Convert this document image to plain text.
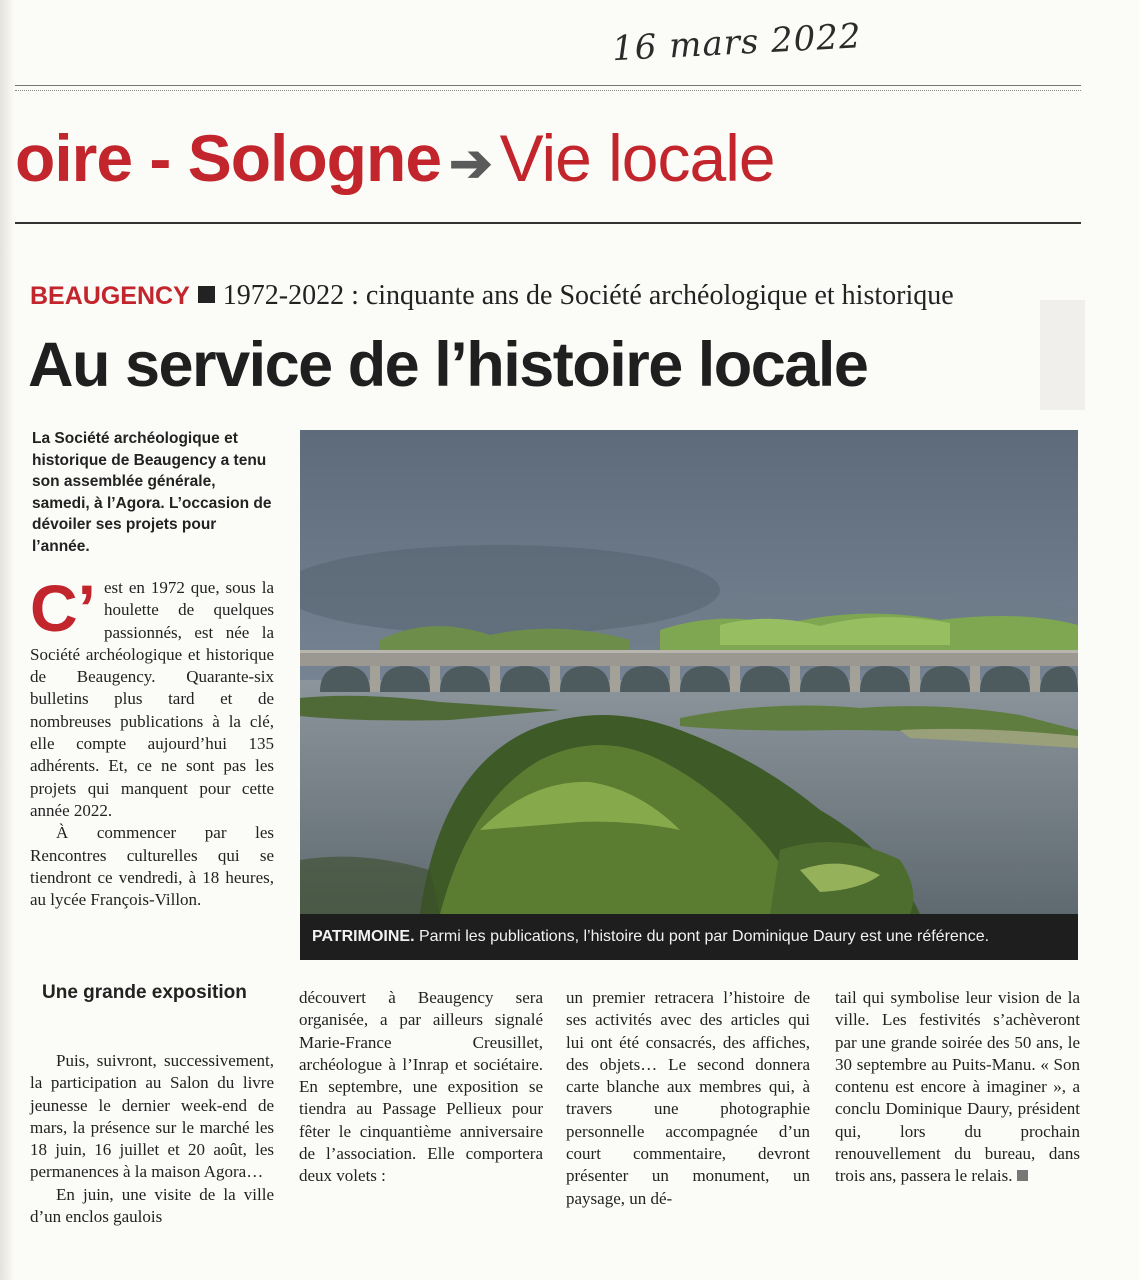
16 mars 2022
oire - Sologne ➔ Vie locale
BEAUGENCY 1972-2022 : cinquante ans de Société archéologique et historique
Au service de l’histoire locale
La Société archéologique et historique de Beaugency a tenu son assemblée générale, samedi, à l’Agora. L’occasion de dévoiler ses projets pour l’année.

C’ est en 1972 que, sous la houlette de quelques passionnés, est née la Société archéologique et historique de Beaugency. Quarante-six bulletins plus tard et de nombreuses publications à la clé, elle compte aujourd’hui 135 adhérents. Et, ce ne sont pas les projets qui manquent pour cette année 2022.

À commencer par les Rencontres culturelles qui se tiendront ce vendredi, à 18 heures, au lycée François-Villon.

Une grande exposition

Puis, suivront, successivement, la participation au Salon du livre jeunesse le dernier week-end de mars, la présence sur le marché les 18 juin, 16 juillet et 20 août, les permanences à la maison Agora…

En juin, une visite de la ville d’un enclos gaulois

découvert à Beaugency sera organisée, a par ailleurs signalé Marie-France Creusillet, archéologue à l’Inrap et sociétaire. En septembre, une exposition se tiendra au Passage Pellieux pour fêter le cinquantième anniversaire de l’association. Elle comportera deux volets :

un premier retracera l’histoire de ses activités avec des articles qui lui ont été consacrés, des affiches, des objets… Le second donnera carte blanche aux membres qui, à travers une photographie personnelle accompagnée d’un court commentaire, devront présenter un monument, un paysage, un dé-

tail qui symbolise leur vision de la ville. Les festivités s’achèveront par une grande soirée des 50 ans, le 30 septembre au Puits-Manu. « Son contenu est encore à imaginer », a conclu Dominique Daury, président qui, lors du prochain renouvellement du bureau, dans trois ans, passera le relais.

PATRIMOINE. Parmi les publications, l’histoire du pont par Dominique Daury est une référence.
